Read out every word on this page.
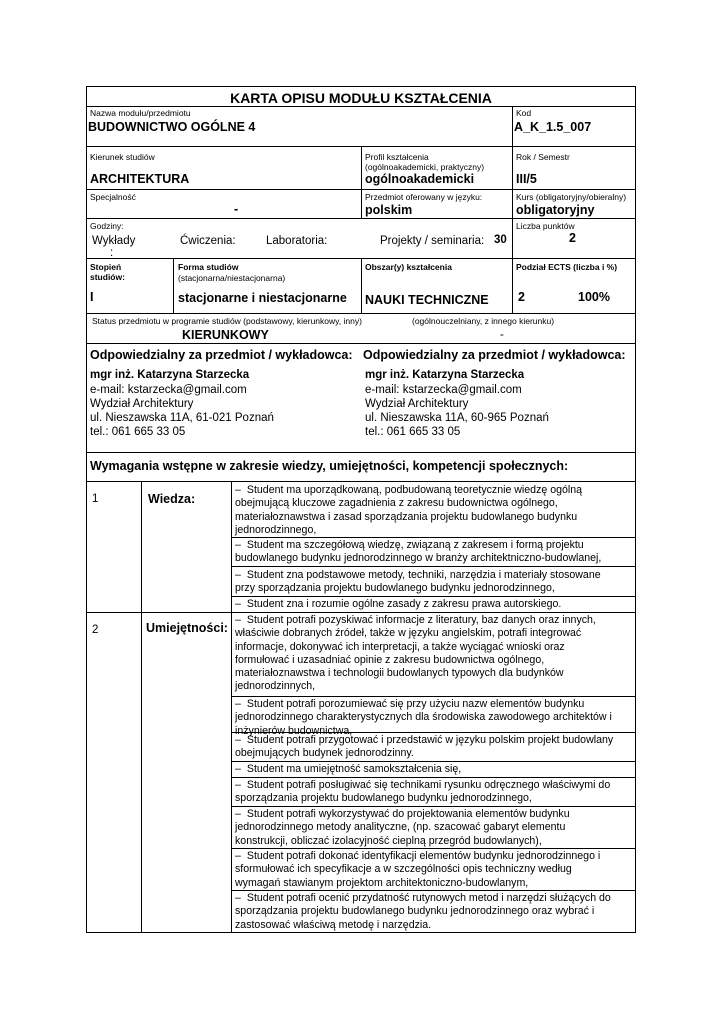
KARTA OPISU MODUŁU KSZTAŁCENIA
Nazwa modułu/przedmiotu
BUDOWNICTWO OGÓLNE 4
Kod
A_K_1.5_007
Kierunek studiów
ARCHITEKTURA
Profil kształcenia
(ogólnoakademicki, praktyczny)
ogólnoakademicki
Rok / Semestr
III/5
Specjalność
-
Przedmiot oferowany w języku:
polskim
Kurs (obligatoryjny/obieralny)
obligatoryjny
Godziny:
Wykłady
:
Ćwiczenia:	Laboratoria:	Projekty / seminaria: 30
Liczba punktów
2
Stopień studiów:
I
Forma studiów
(stacjonarna/niestacjonarna)
stacjonarne i niestacjonarne
Obszar(y) kształcenia
NAUKI TECHNICZNE
Podział ECTS (liczba i %)
2	100%
Status przedmiotu w programie studiów (podstawowy, kierunkowy, inny)	(ogólnouczelniany, z innego kierunku)
KIERUNKOWY	-
Odpowiedzialny za przedmiot / wykładowca:
mgr inż. Katarzyna Starzecka
e-mail: kstarzecka@gmail.com
Wydział Architektury
ul. Nieszawska 11A, 61-021 Poznań
tel.: 061 665 33 05
Odpowiedzialny za przedmiot / wykładowca:
mgr inż. Katarzyna Starzecka
e-mail: kstarzecka@gmail.com
Wydział Architektury
ul. Nieszawska 11A, 60-965 Poznań
tel.: 061 665 33 05
Wymagania wstępne w zakresie wiedzy, umiejętności, kompetencji społecznych:
1	Wiedza:
– Student ma uporządkowaną, podbudowaną teoretycznie wiedzę ogólną
obejmującą kluczowe zagadnienia z zakresu budownictwa ogólnego,
materiałoznawstwa i zasad sporządzania projektu budowlanego budynku
jednorodzinnego,
– Student ma szczegółową wiedzę, związaną z zakresem i formą projektu
budowlanego budynku jednorodzinnego w branży architektniczno-budowlanej,
– Student zna podstawowe metody, techniki, narzędzia i materiały stosowane
przy sporządzania projektu budowlanego budynku jednorodzinnego,
– Student zna i rozumie ogólne zasady z zakresu prawa autorskiego.
2	Umiejętności:
– Student potrafi pozyskiwać informacje z literatury, baz danych oraz innych,
właściwie dobranych źródeł, także w języku angielskim, potrafi integrować
informacje, dokonywać ich interpretacji, a także wyciągać wnioski oraz
formułować i uzasadniać opinie z zakresu budownictwa ogólnego,
materiałoznawstwa i technologii budowlanych typowych dla budynków
jednorodzinnych,
– Student potrafi porozumiewać się przy użyciu nazw elementów budynku
jednorodzinnego charakterystycznych dla środowiska zawodowego architektów i
inżynierów budownictwa,
– Student potrafi przygotować i przedstawić w języku polskim projekt budowlany
obejmujących budynek jednorodzinny.
– Student ma umiejętność samokształcenia się,
– Student potrafi posługiwać się technikami rysunku odręcznego właściwymi do
sporządzania projektu budowlanego budynku jednorodzinnego,
– Student potrafi wykorzystywać do projektowania elementów budynku
jednorodzinnego metody analityczne, (np. szacować gabaryt elementu
konstrukcji, obliczać izolacyjność cieplną przegród budowlanych),
– Student potrafi dokonać identyfikacji elementów budynku jednorodzinnego i
sformułować ich specyfikacje a w szczególności opis techniczny według
wymagań stawianym projektom architektoniczno-budowlanym,
– Student potrafi ocenić przydatność rutynowych metod i narzędzi służących do
sporządzania projektu budowlanego budynku jednorodzinnego oraz wybrać i
zastosować właściwą metodę i narzędzia.
